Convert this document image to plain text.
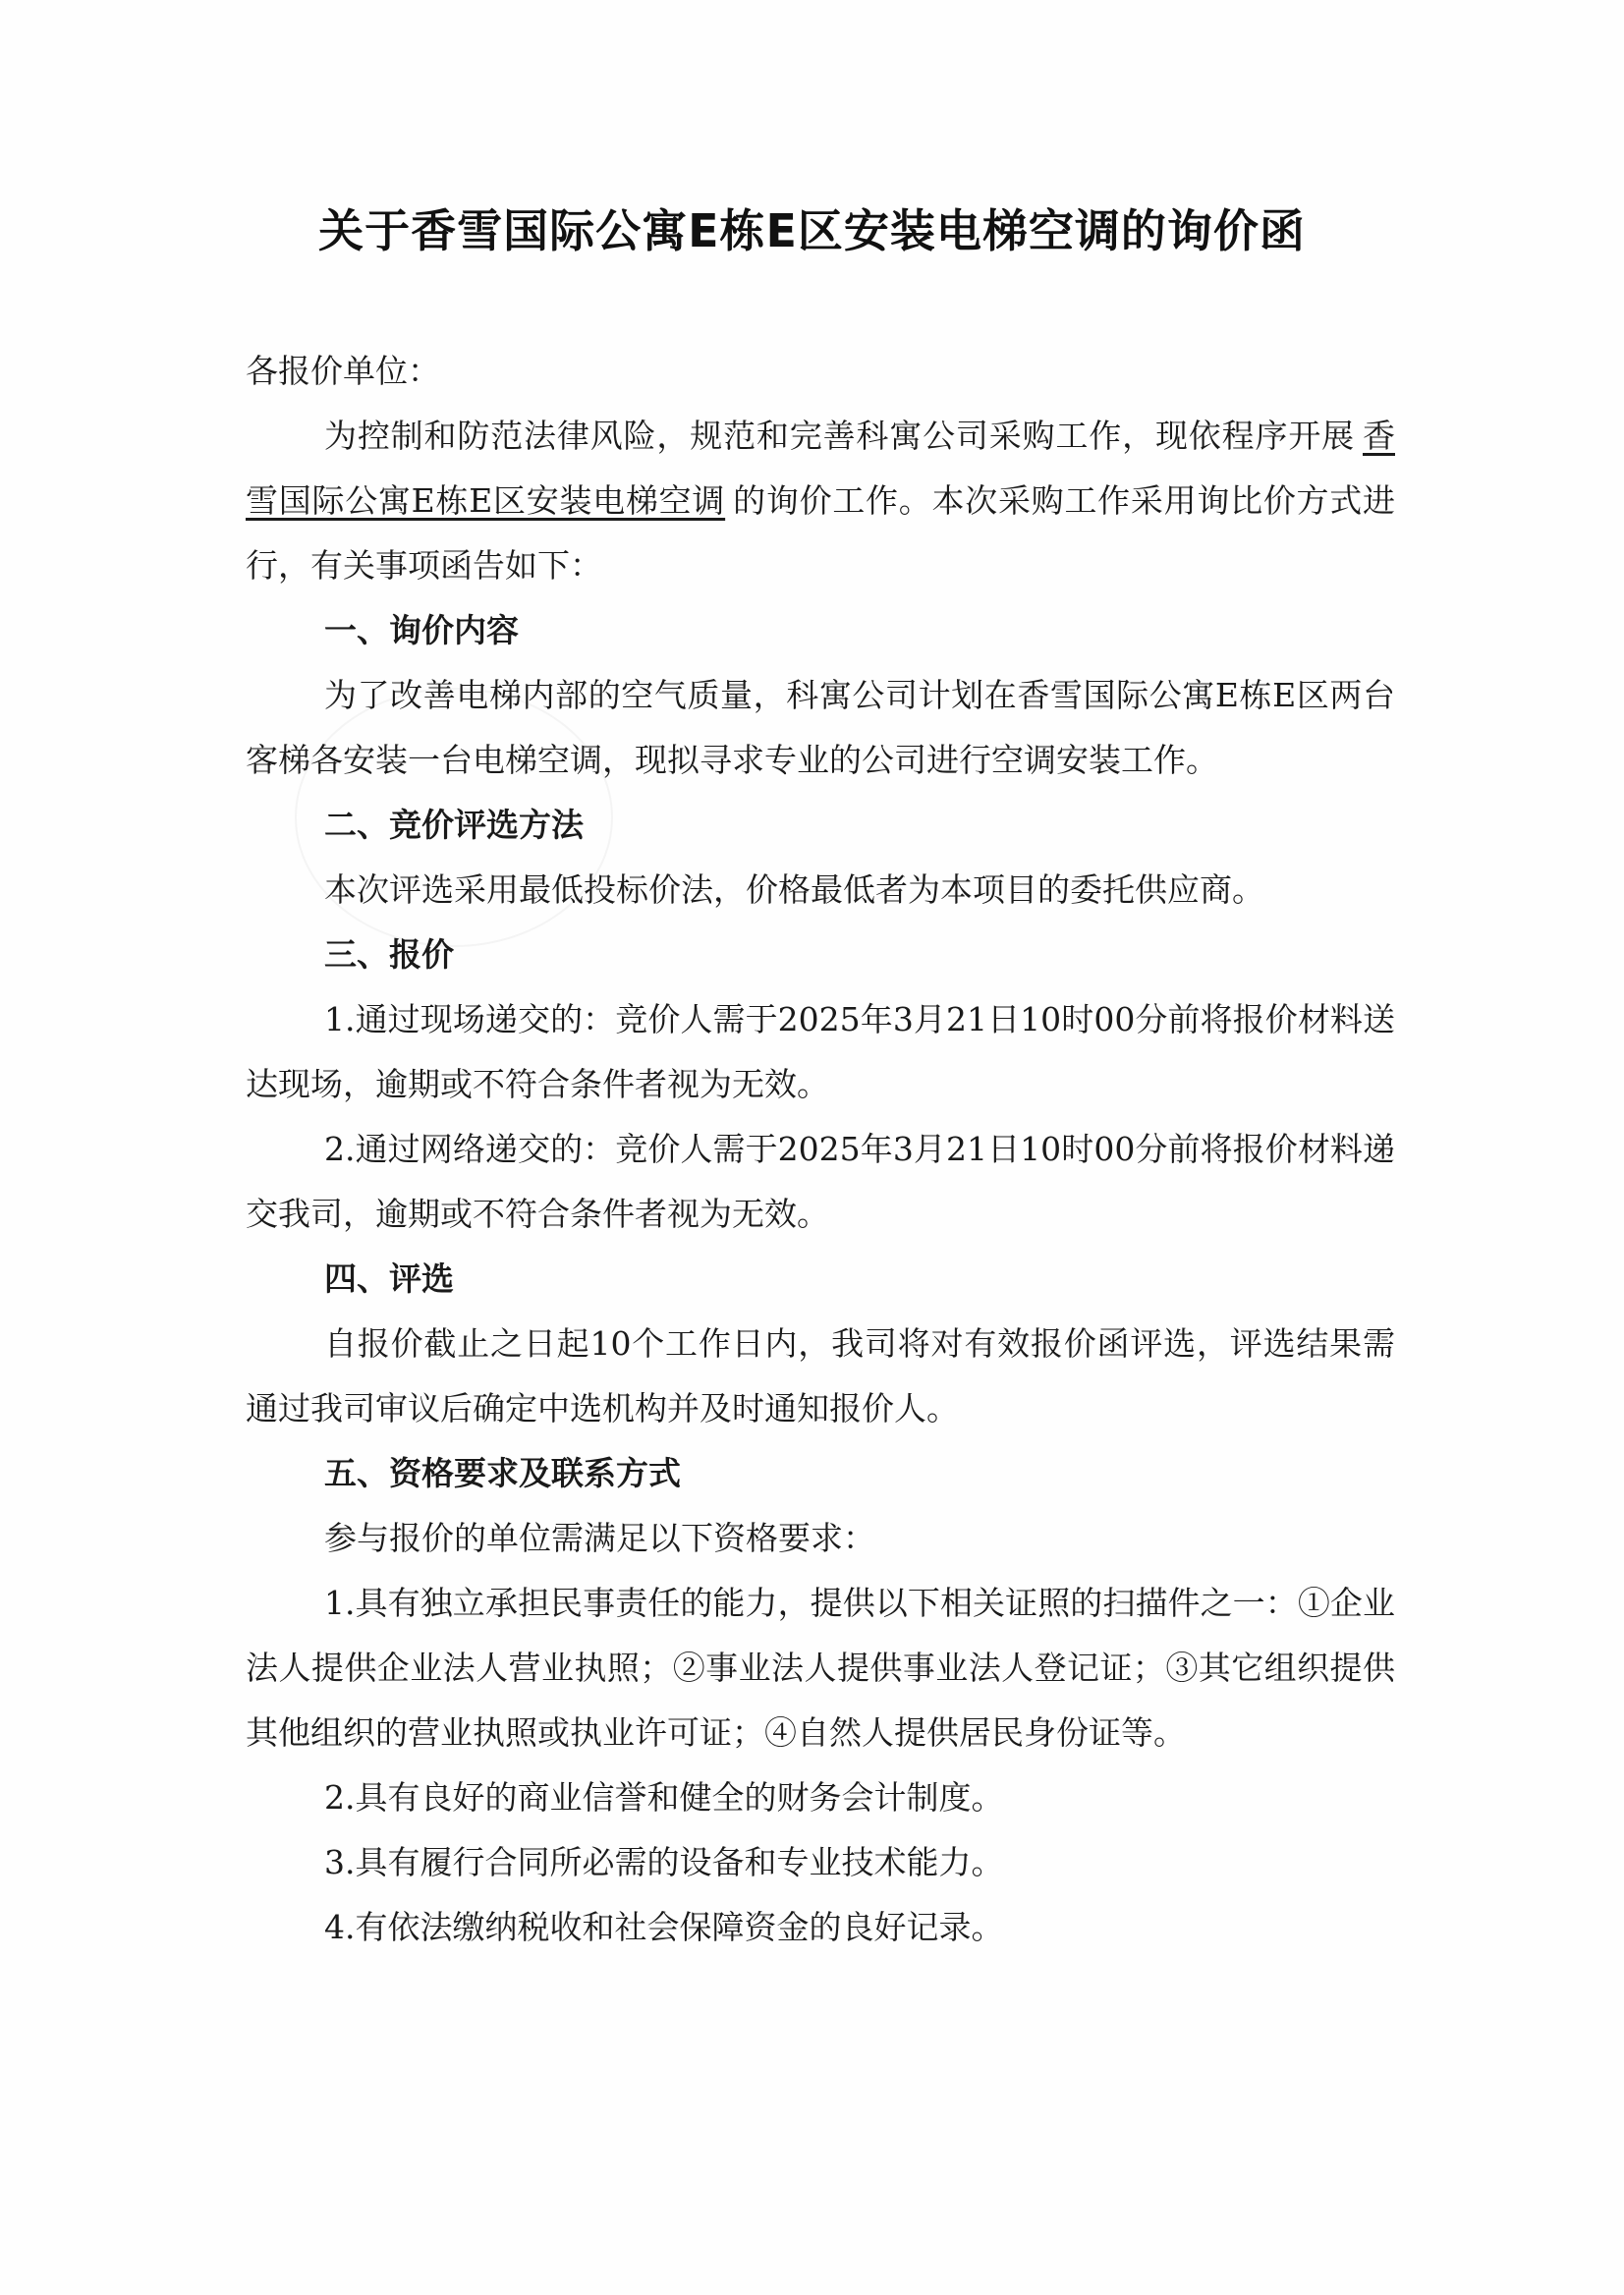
关于香雪国际公寓E栋E区安装电梯空调的询价函

各报价单位：

为控制和防范法律风险，规范和完善科寓公司采购工作，现依程序开展 香雪国际公寓E栋E区安装电梯空调 的询价工作。本次采购工作采用询比价方式进行，有关事项函告如下：

一、询价内容

为了改善电梯内部的空气质量，科寓公司计划在香雪国际公寓E栋E区两台客梯各安装一台电梯空调，现拟寻求专业的公司进行空调安装工作。

二、竞价评选方法

本次评选采用最低投标价法，价格最低者为本项目的委托供应商。

三、报价

1.通过现场递交的：竞价人需于2025年3月21日10时00分前将报价材料送达现场，逾期或不符合条件者视为无效。

2.通过网络递交的：竞价人需于2025年3月21日10时00分前将报价材料递交我司，逾期或不符合条件者视为无效。

四、评选

自报价截止之日起10个工作日内，我司将对有效报价函评选，评选结果需通过我司审议后确定中选机构并及时通知报价人。

五、资格要求及联系方式

参与报价的单位需满足以下资格要求：

1.具有独立承担民事责任的能力，提供以下相关证照的扫描件之一：①企业法人提供企业法人营业执照；②事业法人提供事业法人登记证；③其它组织提供其他组织的营业执照或执业许可证；④自然人提供居民身份证等。

2.具有良好的商业信誉和健全的财务会计制度。

3.具有履行合同所必需的设备和专业技术能力。

4.有依法缴纳税收和社会保障资金的良好记录。
